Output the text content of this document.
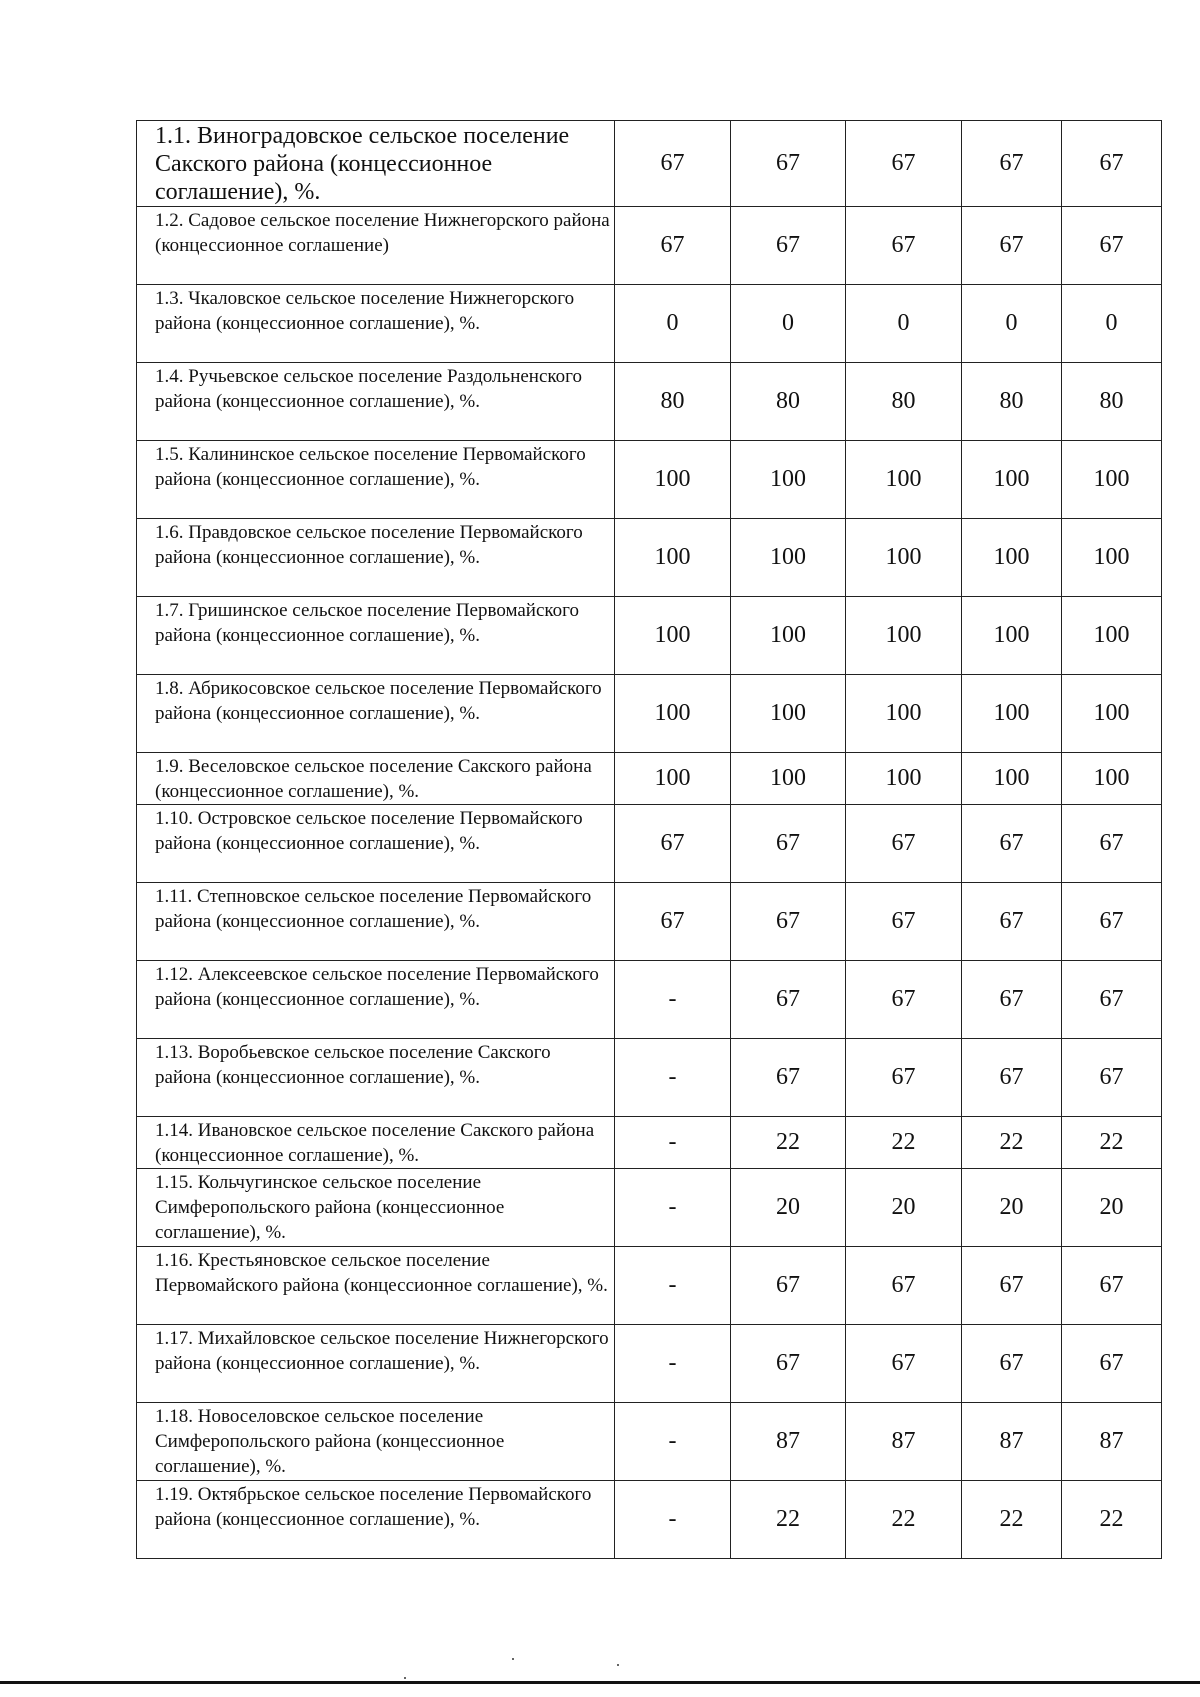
1.1. Виноградовское сельское поселение Сакского района (концессионное соглашение), %.	67	67	67	67	67
1.2. Садовое сельское поселение Нижнегорского района (концессионное соглашение)	67	67	67	67	67
1.3. Чкаловское сельское поселение Нижнегорского района (концессионное соглашение), %.	0	0	0	0	0
1.4. Ручьевское сельское поселение Раздольненского района (концессионное соглашение), %.	80	80	80	80	80
1.5. Калининское сельское поселение Первомайского района (концессионное соглашение), %.	100	100	100	100	100
1.6. Правдовское сельское поселение Первомайского района (концессионное соглашение), %.	100	100	100	100	100
1.7. Гришинское сельское поселение Первомайского района (концессионное соглашение), %.	100	100	100	100	100
1.8. Абрикосовское сельское поселение Первомайского района (концессионное соглашение), %.	100	100	100	100	100
1.9. Веселовское сельское поселение Сакского района (концессионное соглашение), %.	100	100	100	100	100
1.10. Островское сельское поселение Первомайского района (концессионное соглашение), %.	67	67	67	67	67
1.11. Степновское сельское поселение Первомайского района (концессионное соглашение), %.	67	67	67	67	67
1.12. Алексеевское сельское поселение Первомайского района (концессионное соглашение), %.	-	67	67	67	67
1.13. Воробьевское сельское поселение Сакского района (концессионное соглашение), %.	-	67	67	67	67
1.14. Ивановское сельское поселение Сакского района (концессионное соглашение), %.	-	22	22	22	22
1.15. Кольчугинское сельское поселение Симферопольского района (концессионное соглашение), %.	-	20	20	20	20
1.16. Крестьяновское сельское поселение Первомайского района (концессионное соглашение), %.	-	67	67	67	67
1.17. Михайловское сельское поселение Нижнегорского района (концессионное соглашение), %.	-	67	67	67	67
1.18. Новоселовское сельское поселение Симферопольского района (концессионное соглашение), %.	-	87	87	87	87
1.19. Октябрьское сельское поселение Первомайского района (концессионное соглашение), %.	-	22	22	22	22
